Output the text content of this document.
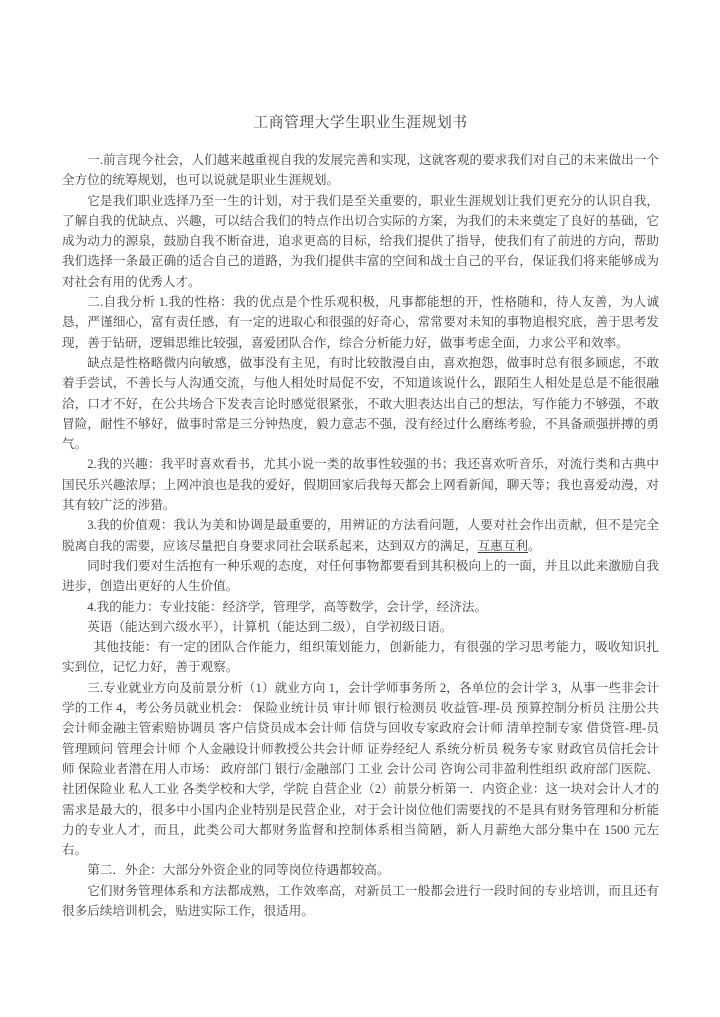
工商管理大学生职业生涯规划书

一.前言现今社会，人们越来越重视自我的发展完善和实现，这就客观的要求我们对自己的未来做出一个全方位的统筹规划，也可以说就是职业生涯规划。

它是我们职业选择乃至一生的计划，对于我们是至关重要的，职业生涯规划让我们更充分的认识自我，了解自我的优缺点、兴趣，可以结合我们的特点作出切合实际的方案，为我们的未来奠定了良好的基础，它成为动力的源泉，鼓励自我不断奋进，追求更高的目标，给我们提供了指导，使我们有了前进的方向，帮助我们选择一条最正确的适合自己的道路，为我们提供丰富的空间和战士自己的平台，保证我们将来能够成为对社会有用的优秀人才。

二.自我分析 1.我的性格：我的优点是个性乐观积极，凡事都能想的开，性格随和，待人友善，为人诚恳，严谨细心，富有责任感，有一定的进取心和很强的好奇心，常常要对未知的事物追根究底，善于思考发现，善于钻研，逻辑思维比较强，喜爱团队合作，综合分析能力好，做事考虑全面，力求公平和效率。

缺点是性格略微内向敏感，做事没有主见，有时比较散漫自由，喜欢抱怨，做事时总有很多顾虑，不敢着手尝试，不善长与人沟通交流，与他人相处时局促不安，不知道该说什么，跟陌生人相处是总是不能很融洽，口才不好，在公共场合下发表言论时感觉很紧张，不敢大胆表达出自己的想法，写作能力不够强，不敢冒险，耐性不够好，做事时常是三分钟热度，毅力意志不强，没有经过什么磨练考验，不具备顽强拼搏的勇气。

2.我的兴趣：我平时喜欢看书，尤其小说一类的故事性较强的书；我还喜欢听音乐，对流行类和古典中国民乐兴趣浓厚；上网冲浪也是我的爱好，假期回家后我每天都会上网看新闻，聊天等；我也喜爱动漫，对其有较广泛的涉猎。

3.我的价值观：我认为美和协调是最重要的，用辨证的方法看问题，人要对社会作出贡献，但不是完全脱离自我的需要，应该尽量把自身要求同社会联系起来，达到双方的满足，互惠互利。

同时我们要对生活抱有一种乐观的态度，对任何事物都要看到其积极向上的一面，并且以此来激励自我进步，创造出更好的人生价值。

4.我的能力：专业技能：经济学，管理学，高等数学，会计学，经济法。

英语（能达到六级水平），计算机（能达到二级），自学初级日语。

其他技能：有一定的团队合作能力，组织策划能力，创新能力，有很强的学习思考能力，吸收知识扎实到位，记忆力好，善于观察。

三.专业就业方向及前景分析（1）就业方向 1，会计学师事务所 2，各单位的会计学 3，从事一些非会计学的工作 4，考公务员就业机会： 保险业统计员 审计师 银行检测员 收益管-理-员 预算控制分析员 注册公共会计师金融主管索赔协调员 客户信贷员成本会计师 信贷与回收专家政府会计师 清单控制专家 借贷管-理-员 管理顾问 管理会计师 个人金融设计师教授公共会计师 证券经纪人 系统分析员 税务专家 财政官员信托会计师 保险业者潜在用人市场： 政府部门 银行/金融部门 工业 会计公司 咨询公司非盈利性组织 政府部门医院、社团保险业 私人工业 各类学校和大学，学院 自营企业（2）前景分析第一．内资企业：这一块对会计人才的需求是最大的，很多中小国内企业特别是民营企业，对于会计岗位他们需要找的不是具有财务管理和分析能力的专业人才，而且，此类公司大都财务监督和控制体系相当简陋，新人月薪绝大部分集中在 1500 元左右。

第二．外企：大部分外资企业的同等岗位待遇都较高。

它们财务管理体系和方法都成熟，工作效率高，对新员工一般都会进行一段时间的专业培训，而且还有很多后续培训机会，贴进实际工作，很适用。
